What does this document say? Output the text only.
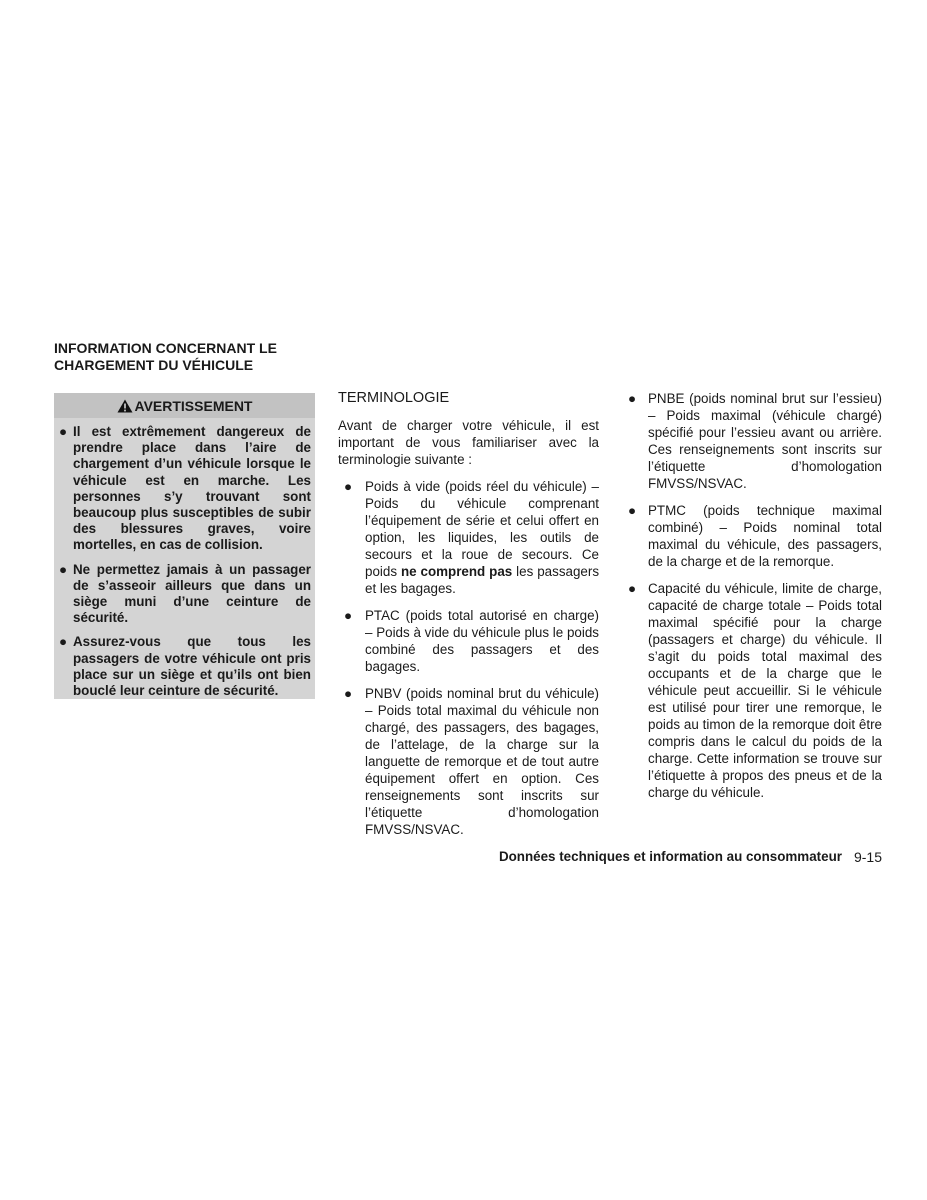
INFORMATION CONCERNANT LE
CHARGEMENT DU VÉHICULE
AVERTISSEMENT
● Il est extrêmement dangereux de prendre place dans l’aire de chargement d’un véhicule lorsque le véhicule est en marche. Les personnes s’y trouvant sont beaucoup plus susceptibles de subir des blessures graves, voire mortelles, en cas de collision.
● Ne permettez jamais à un passager de s’asseoir ailleurs que dans un siège muni d’une ceinture de sécurité.
● Assurez-vous que tous les passagers de votre véhicule ont pris place sur un siège et qu’ils ont bien bouclé leur ceinture de sécurité.
TERMINOLOGIE

Avant de charger votre véhicule, il est important de vous familiariser avec la terminologie suivante :

● Poids à vide (poids réel du véhicule) – Poids du véhicule comprenant l’équipement de série et celui offert en option, les liquides, les outils de secours et la roue de secours. Ce poids ne comprend pas les passagers et les bagages.
● PTAC (poids total autorisé en charge) – Poids à vide du véhicule plus le poids combiné des passagers et des bagages.
● PNBV (poids nominal brut du véhicule) – Poids total maximal du véhicule non chargé, des passagers, des bagages, de l’attelage, de la charge sur la languette de remorque et de tout autre équipement offert en option. Ces renseignements sont inscrits sur l’étiquette d’homologation FMVSS/NSVAC.
● PNBE (poids nominal brut sur l’essieu) – Poids maximal (véhicule chargé) spécifié pour l’essieu avant ou arrière. Ces renseignements sont inscrits sur l’étiquette d’homologation FMVSS/NSVAC.
● PTMC (poids technique maximal combiné) – Poids nominal total maximal du véhicule, des passagers, de la charge et de la remorque.
● Capacité du véhicule, limite de charge, capacité de charge totale – Poids total maximal spécifié pour la charge (passagers et charge) du véhicule. Il s’agit du poids total maximal des occupants et de la charge que le véhicule peut accueillir. Si le véhicule est utilisé pour tirer une remorque, le poids au timon de la remorque doit être compris dans le calcul du poids de la charge. Cette information se trouve sur l’étiquette à propos des pneus et de la charge du véhicule.
Données techniques et information au consommateur 9-15
